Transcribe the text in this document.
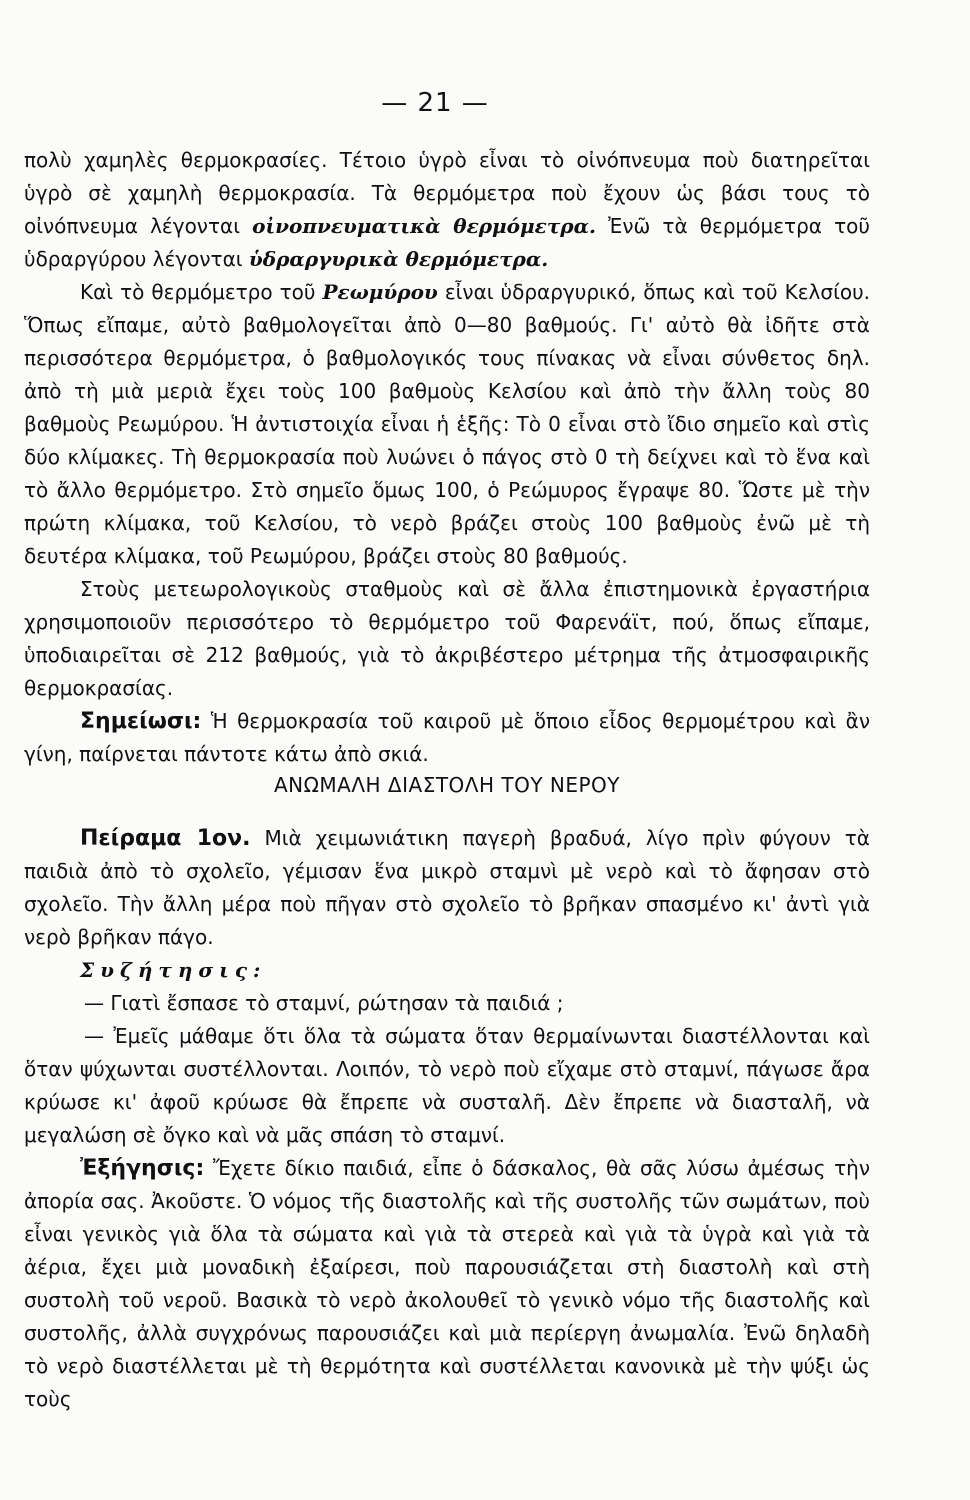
— 21 —

πολὺ χαμηλὲς θερμοκρασίες. Τέτοιο ὑγρὸ εἶναι τὸ οἰνόπνευμα ποὺ διατηρεῖται ὑγρὸ σὲ χαμηλὴ θερμοκρασία. Τὰ θερμόμετρα ποὺ ἔχουν ὡς βάσι τους τὸ οἰνόπνευμα λέγονται οἰνοπνευματικὰ θερμόμετρα. Ἐνῶ τὰ θερμόμετρα τοῦ ὑδραργύρου λέγονται ὑδραργυρικὰ θερμόμετρα.

Καὶ τὸ θερμόμετρο τοῦ Ρεωμύρου εἶναι ὑδραργυρικό, ὅπως καὶ τοῦ Κελσίου. Ὅπως εἴπαμε, αὐτὸ βαθμολογεῖται ἀπὸ 0—80 βαθμούς. Γι' αὐτὸ θὰ ἰδῆτε στὰ περισσότερα θερμόμετρα, ὁ βαθμολογικός τους πίνακας νὰ εἶναι σύνθετος δηλ. ἀπὸ τὴ μιὰ μεριὰ ἔχει τοὺς 100 βαθμοὺς Κελσίου καὶ ἀπὸ τὴν ἄλλη τοὺς 80 βαθμοὺς Ρεωμύρου. Ἡ ἀντιστοιχία εἶναι ἡ ἑξῆς: Τὸ 0 εἶναι στὸ ἴδιο σημεῖο καὶ στὶς δύο κλίμακες. Τὴ θερμοκρασία ποὺ λυώνει ὁ πάγος στὸ 0 τὴ δείχνει καὶ τὸ ἕνα καὶ τὸ ἄλλο θερμόμετρο. Στὸ σημεῖο ὅμως 100, ὁ Ρεώμυρος ἔγραψε 80. Ὥστε μὲ τὴν πρώτη κλίμακα, τοῦ Κελσίου, τὸ νερὸ βράζει στοὺς 100 βαθμοὺς ἐνῶ μὲ τὴ δευτέρα κλίμακα, τοῦ Ρεωμύρου, βράζει στοὺς 80 βαθμούς.

Στοὺς μετεωρολογικοὺς σταθμοὺς καὶ σὲ ἄλλα ἐπιστημονικὰ ἐργαστήρια χρησιμοποιοῦν περισσότερο τὸ θερμόμετρο τοῦ Φαρενάϊτ, πού, ὅπως εἴπαμε, ὑποδιαιρεῖται σὲ 212 βαθμούς, γιὰ τὸ ἀκριβέστερο μέτρημα τῆς ἀτμοσφαιρικῆς θερμοκρασίας.

Σημείωσι: Ἡ θερμοκρασία τοῦ καιροῦ μὲ ὅποιο εἶδος θερμομέτρου καὶ ἂν γίνη, παίρνεται πάντοτε κάτω ἀπὸ σκιά.

ΑΝΩΜΑΛΗ ΔΙΑΣΤΟΛΗ ΤΟΥ ΝΕΡΟΥ

Πείραμα 1ον. Μιὰ χειμωνιάτικη παγερὴ βραδυά, λίγο πρὶν φύγουν τὰ παιδιὰ ἀπὸ τὸ σχολεῖο, γέμισαν ἕνα μικρὸ σταμνὶ μὲ νερὸ καὶ τὸ ἄφησαν στὸ σχολεῖο. Τὴν ἄλλη μέρα ποὺ πῆγαν στὸ σχολεῖο τὸ βρῆκαν σπασμένο κι' ἀντὶ γιὰ νερὸ βρῆκαν πάγο.

Συζήτησις:

— Γιατὶ ἔσπασε τὸ σταμνί, ρώτησαν τὰ παιδιά ;

— Ἐμεῖς μάθαμε ὅτι ὅλα τὰ σώματα ὅταν θερμαίνωνται διαστέλλονται καὶ ὅταν ψύχωνται συστέλλονται. Λοιπόν, τὸ νερὸ ποὺ εἴχαμε στὸ σταμνί, πάγωσε ἄρα κρύωσε κι' ἀφοῦ κρύωσε θὰ ἔπρεπε νὰ συσταλῆ. Δὲν ἔπρεπε νὰ διασταλῆ, νὰ μεγαλώση σὲ ὄγκο καὶ νὰ μᾶς σπάση τὸ σταμνί.

Ἐξήγησις: Ἔχετε δίκιο παιδιά, εἶπε ὁ δάσκαλος, θὰ σᾶς λύσω ἀμέσως τὴν ἀπορία σας. Ἀκοῦστε. Ὁ νόμος τῆς διαστολῆς καὶ τῆς συστολῆς τῶν σωμάτων, ποὺ εἶναι γενικὸς γιὰ ὅλα τὰ σώματα καὶ γιὰ τὰ στερεὰ καὶ γιὰ τὰ ὑγρὰ καὶ γιὰ τὰ ἀέρια, ἔχει μιὰ μοναδικὴ ἐξαίρεσι, ποὺ παρουσιάζεται στὴ διαστολὴ καὶ στὴ συστολὴ τοῦ νεροῦ. Βασικὰ τὸ νερὸ ἀκολουθεῖ τὸ γενικὸ νόμο τῆς διαστολῆς καὶ συστολῆς, ἀλλὰ συγχρόνως παρουσιάζει καὶ μιὰ περίεργη ἀνωμαλία. Ἐνῶ δηλαδὴ τὸ νερὸ διαστέλλεται μὲ τὴ θερμότητα καὶ συστέλλεται κανονικὰ μὲ τὴν ψύξι ὡς τοὺς
